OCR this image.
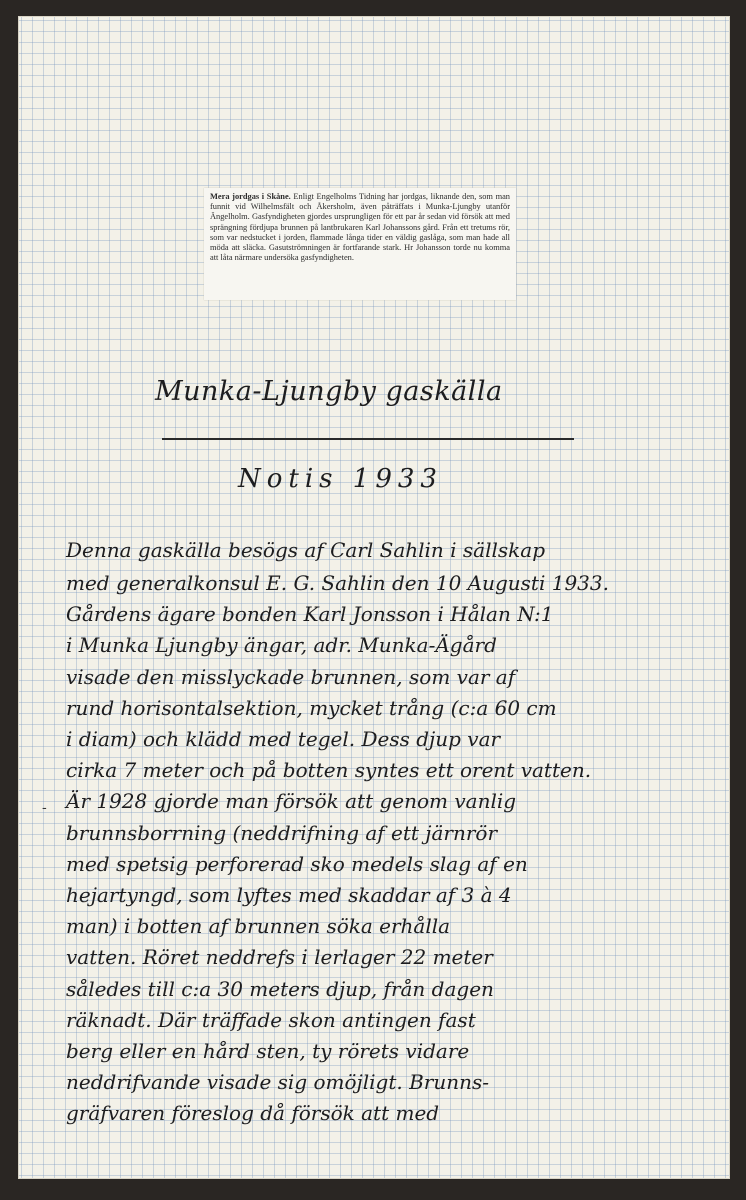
Mera jordgas i Skåne. Enligt Engelholms Tidning har jordgas, liknande den, som man funnit vid Wilhelmsfält och Åkersholm, även påträffats i Munka-Ljungby utanför Ängelholm. Gasfyndigheten gjordes ursprungligen för ett par år sedan vid försök att med sprängning fördjupa brunnen på lantbrukaren Karl Johanssons gård. Från ett tretums rör, som var nedstucket i jorden, flammade långa tider en väldig gaslåga, som man hade all möda att släcka. Gasutströmningen är fortfarande stark. Hr Johansson torde nu komma att låta närmare undersöka gasfyndigheten.
Munka-Ljungby gaskälla
Notis 1933
-
Denna gaskälla besögs af Carl Sahlin i sällskap
med generalkonsul E. G. Sahlin den 10 Augusti 1933.
Gårdens ägare bonden Karl Jonsson i Hålan N:1
i Munka Ljungby ängar, adr. Munka-Ägård
visade den misslyckade brunnen, som var af
rund horisontalsektion, mycket trång (c:a 60 cm
i diam) och klädd med tegel. Dess djup var
cirka 7 meter och på botten syntes ett orent vatten.
Är 1928 gjorde man försök att genom vanlig
brunnsborrning (neddrifning af ett järnrör
med spetsig perforerad sko medels slag af en
hejartyngd, som lyftes med skaddar af 3 à 4
man) i botten af brunnen söka erhålla
vatten. Röret neddrefs i lerlager 22 meter
således till c:a 30 meters djup, från dagen
räknadt. Där träffade skon antingen fast
berg eller en hård sten, ty rörets vidare
neddrifvande visade sig omöjligt. Brunns-
gräfvaren föreslog då försök att med
